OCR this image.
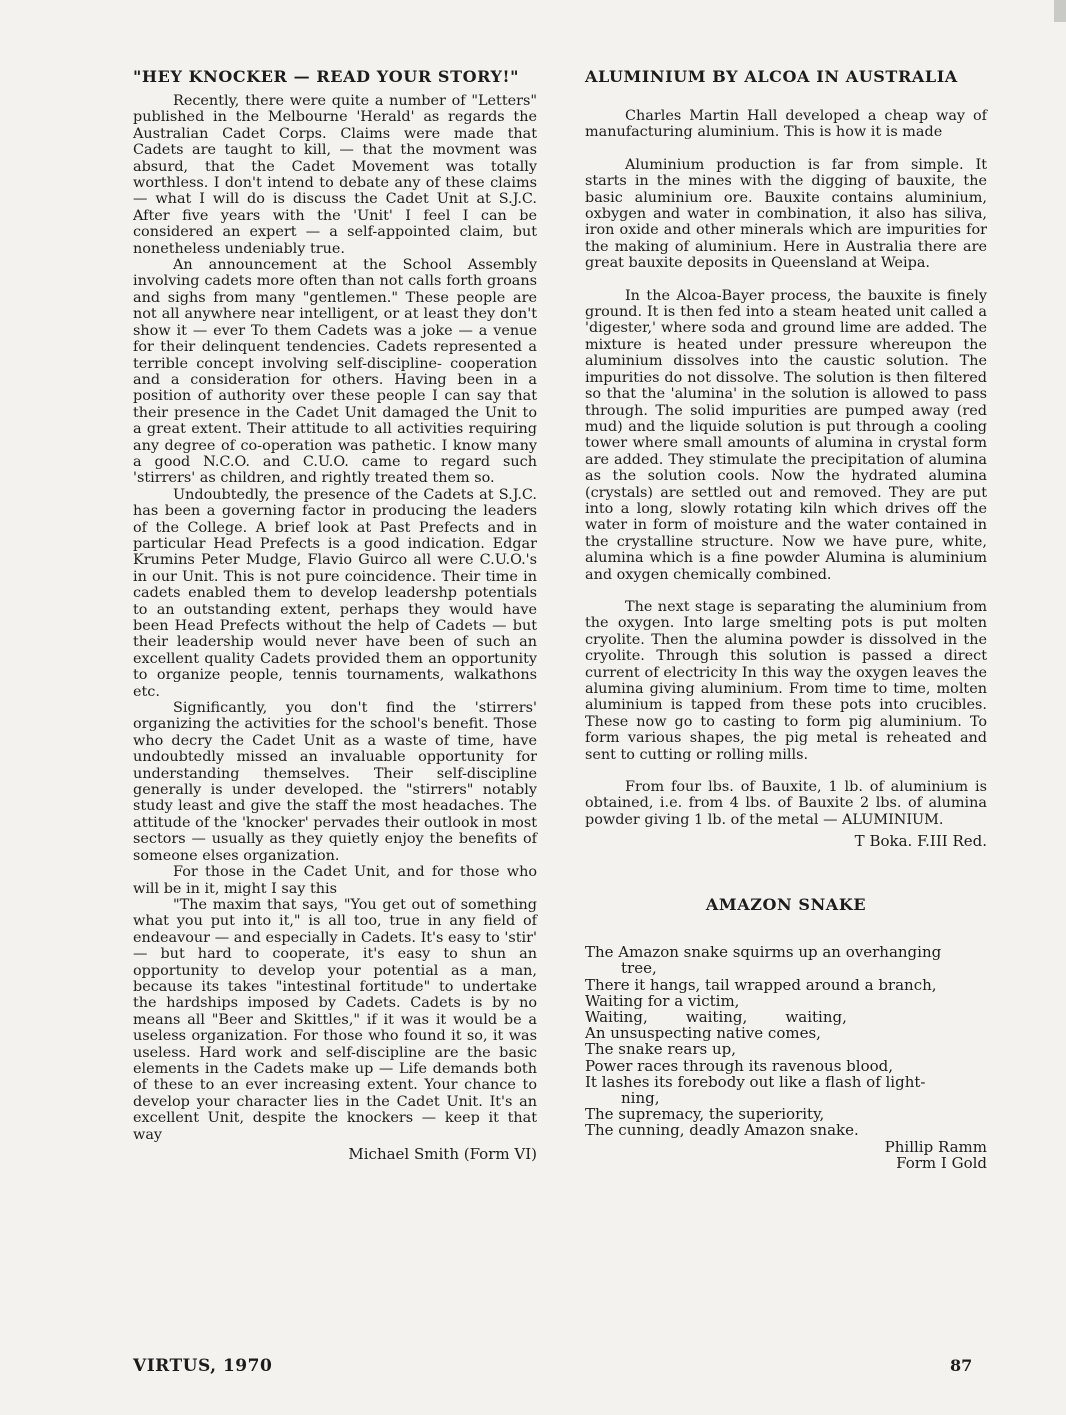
"HEY KNOCKER — READ YOUR STORY!"

Recently, there were quite a number of "Letters" published in the Melbourne 'Herald' as regards the Australian Cadet Corps. Claims were made that Cadets are taught to kill, — that the movment was absurd, that the Cadet Movement was totally worthless. I don't intend to debate any of these claims — what I will do is discuss the Cadet Unit at S.J.C. After five years with the 'Unit' I feel I can be considered an expert — a self-appointed claim, but nonetheless undeniably true.

An announcement at the School Assembly involving cadets more often than not calls forth groans and sighs from many "gentlemen." These people are not all anywhere near intelligent, or at least they don't show it — ever To them Cadets was a joke — a venue for their delinquent tendencies. Cadets represented a terrible concept involving self-discipline- cooperation and a consideration for others. Having been in a position of authority over these people I can say that their presence in the Cadet Unit damaged the Unit to a great extent. Their attitude to all activities requiring any degree of co-operation was pathetic. I know many a good N.C.O. and C.U.O. came to regard such 'stirrers' as children, and rightly treated them so.

Undoubtedly, the presence of the Cadets at S.J.C. has been a governing factor in producing the leaders of the College. A brief look at Past Prefects and in particular Head Prefects is a good indication. Edgar Krumins Peter Mudge, Flavio Guirco all were C.U.O.'s in our Unit. This is not pure coincidence. Their time in cadets enabled them to develop leadershp potentials to an outstanding extent, perhaps they would have been Head Prefects without the help of Cadets — but their leadership would never have been of such an excellent quality Cadets provided them an opportunity to organize people, tennis tournaments, walkathons etc.

Significantly, you don't find the 'stirrers' organizing the activities for the school's benefit. Those who decry the Cadet Unit as a waste of time, have undoubtedly missed an invaluable opportunity for understanding themselves. Their self-discipline generally is under developed. the "stirrers" notably study least and give the staff the most headaches. The attitude of the 'knocker' pervades their outlook in most sectors — usually as they quietly enjoy the benefits of someone elses organization.

For those in the Cadet Unit, and for those who will be in it, might I say this

"The maxim that says, "You get out of something what you put into it," is all too, true in any field of endeavour — and especially in Cadets. It's easy to 'stir' — but hard to cooperate, it's easy to shun an opportunity to develop your potential as a man, because its takes "intestinal fortitude" to undertake the hardships imposed by Cadets. Cadets is by no means all "Beer and Skittles," if it was it would be a useless organization. For those who found it so, it was useless. Hard work and self-discipline are the basic elements in the Cadets make up — Life demands both of these to an ever increasing extent. Your chance to develop your character lies in the Cadet Unit. It's an excellent Unit, despite the knockers — keep it that way

Michael Smith (Form VI)

ALUMINIUM BY ALCOA IN AUSTRALIA

Charles Martin Hall developed a cheap way of manufacturing aluminium. This is how it is made

Aluminium production is far from simple. It starts in the mines with the digging of bauxite, the basic aluminium ore. Bauxite contains aluminium, oxbygen and water in combination, it also has siliva, iron oxide and other minerals which are impurities for the making of aluminium. Here in Australia there are great bauxite deposits in Queensland at Weipa.

In the Alcoa-Bayer process, the bauxite is finely ground. It is then fed into a steam heated unit called a 'digester,' where soda and ground lime are added. The mixture is heated under pressure whereupon the aluminium dissolves into the caustic solution. The impurities do not dissolve. The solution is then filtered so that the 'alumina' in the solution is allowed to pass through. The solid impurities are pumped away (red mud) and the liquide solution is put through a cooling tower where small amounts of alumina in crystal form are added. They stimulate the precipitation of alumina as the solution cools. Now the hydrated alumina (crystals) are settled out and removed. They are put into a long, slowly rotating kiln which drives off the water in form of moisture and the water contained in the crystalline structure. Now we have pure, white, alumina which is a fine powder Alumina is aluminium and oxygen chemically combined.

The next stage is separating the aluminium from the oxygen. Into large smelting pots is put molten cryolite. Then the alumina powder is dissolved in the cryolite. Through this solution is passed a direct current of electricity In this way the oxygen leaves the alumina giving aluminium. From time to time, molten aluminium is tapped from these pots into crucibles. These now go to casting to form pig aluminium. To form various shapes, the pig metal is reheated and sent to cutting or rolling mills.

From four lbs. of Bauxite, 1 lb. of aluminium is obtained, i.e. from 4 lbs. of Bauxite 2 lbs. of alumina powder giving 1 lb. of the metal — ALUMINIUM.

T Boka. F.III Red.

AMAZON SNAKE
The Amazon snake squirms up an overhanging
tree,
There it hangs, tail wrapped around a branch,
Waiting for a victim,
Waiting,        waiting,        waiting,
An unsuspecting native comes,
The snake rears up,
Power races through its ravenous blood,
It lashes its forebody out like a flash of light-
ning,
The supremacy, the superiority,
The cunning, deadly Amazon snake.

Phillip Ramm

Form I Gold

VIRTUS, 1970	87
